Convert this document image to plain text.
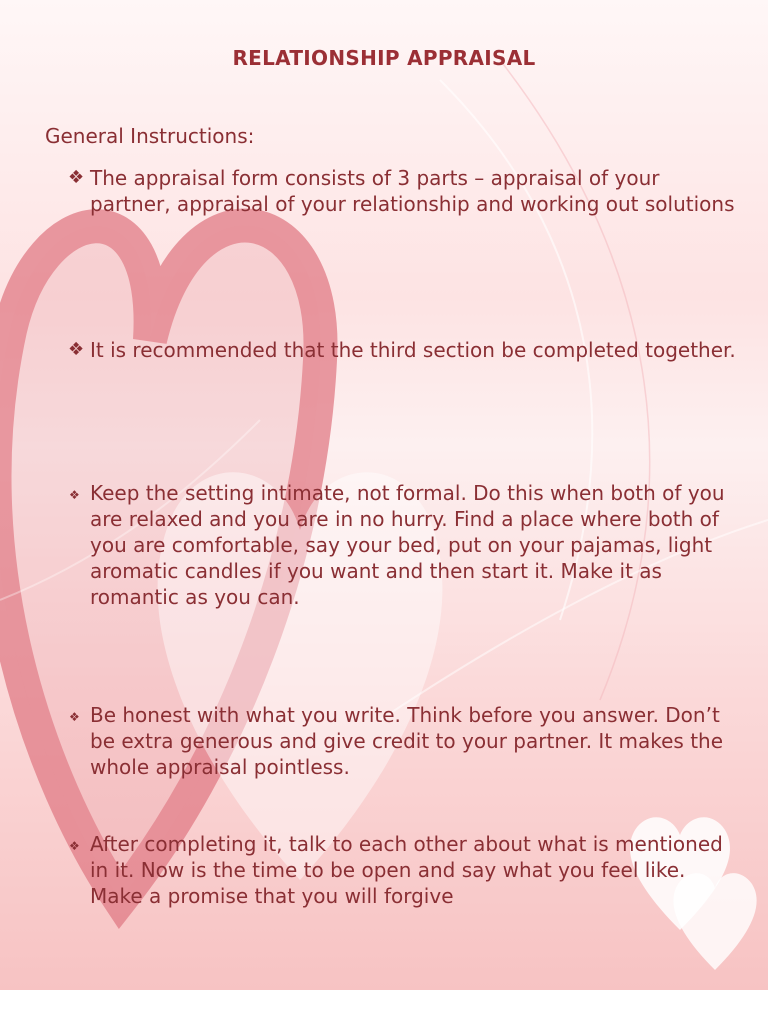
RELATIONSHIP APPRAISAL
General Instructions:
❖ The appraisal form consists of 3 parts – appraisal of your partner, appraisal of your relationship and working out solutions
❖ It is recommended that the third section be completed together.
❖ Keep the setting intimate, not formal. Do this when both of you are relaxed and you are in no hurry. Find a place where both of you are comfortable, say your bed, put on your pajamas, light aromatic candles if you want and then start it. Make it as romantic as you can.
❖ Be honest with what you write. Think before you answer. Don’t be extra generous and give credit to your partner. It makes the whole appraisal pointless.
❖ After completing it, talk to each other about what is mentioned in it. Now is the time to be open and say what you feel like. Make a promise that you will forgive
